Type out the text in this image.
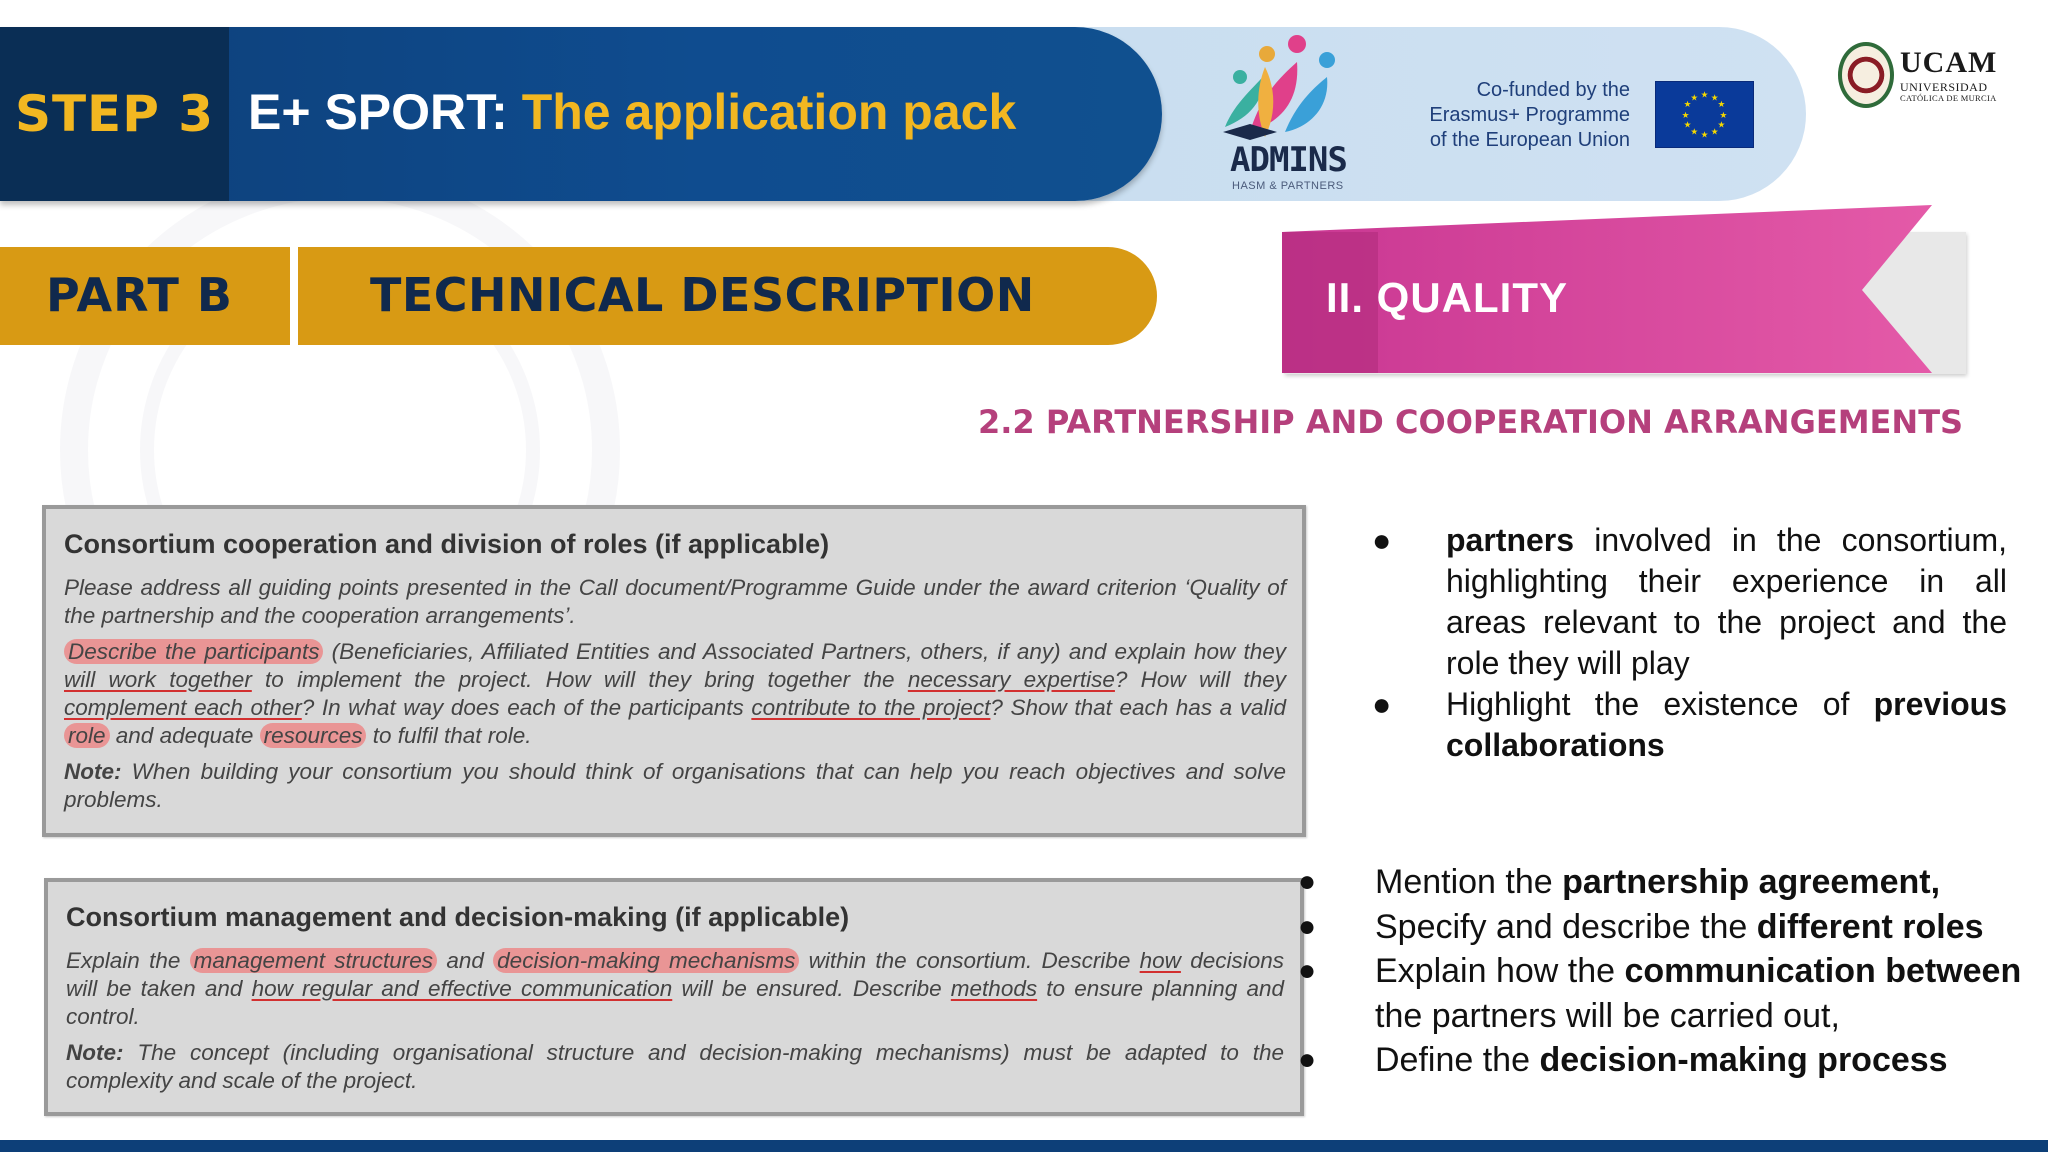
STEP 3 E+ SPORT: The application pack
ADMINS
HASM & PARTNERS
Co-funded by the
Erasmus+ Programme
of the European Union
★ ★
★
★
★
★
★
★
★
★
★
★
UCAM
UNIVERSIDAD
CATÓLICA DE MURCIA
PART B	TECHNICAL DESCRIPTION	II. QUALITY
2.2 PARTNERSHIP AND COOPERATION ARRANGEMENTS
Consortium cooperation and division of roles (if applicable)

Please address all guiding points presented in the Call document/Programme Guide under the award criterion ‘Quality of the partnership and the cooperation arrangements’.

Describe the participants (Beneficiaries, Affiliated Entities and Associated Partners, others, if any) and explain how they will work together to implement the project. How will they bring together the necessary expertise? How will they complement each other? In what way does each of the participants contribute to the project? Show that each has a valid role and adequate resources to fulfil that role.

Note: When building your consortium you should think of organisations that can help you reach objectives and solve problems.

Consortium management and decision-making (if applicable)

Explain the management structures and decision-making mechanisms within the consortium. Describe how decisions will be taken and how regular and effective communication will be ensured. Describe methods to ensure planning and control.

Note: The concept (including organisational structure and decision-making mechanisms) must be adapted to the complexity and scale of the project.

● partners involved in the consortium, highlighting their experience in all areas relevant to the project and the role they will play
● Highlight the existence of previous collaborations
● Mention the partnership agreement,
● Specify and describe the different roles
● Explain how the communication between the partners will be carried out,
● Define the decision-making process
